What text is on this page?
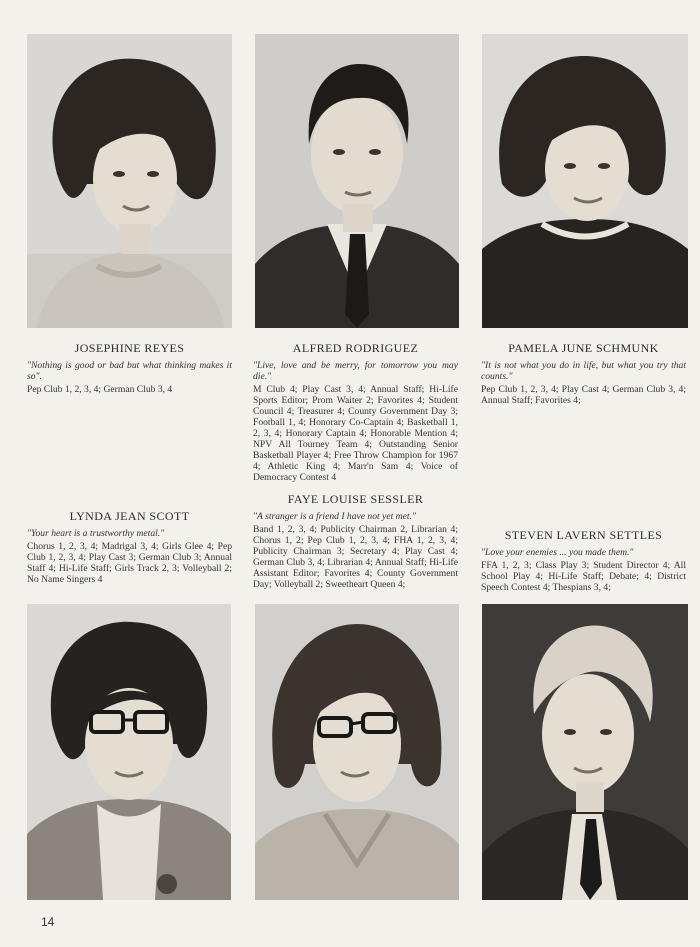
JOSEPHINE REYES
"Nothing is good or bad but what thinking makes it so".
Pep Club 1, 2, 3, 4; German Club 3, 4
ALFRED RODRIGUEZ
"Live, love and be merry, for tomorrow you may die."
M Club 4; Play Cast 3, 4; Annual Staff; Hi-Life Sports Editor; Prom Waiter 2; Favorites 4; Student Council 4; Treasurer 4; County Government Day 3; Football 1, 4; Honorary Co-Captain 4; Basketball 1, 2, 3, 4; Honorary Captain 4; Honorable Mention 4; NPV All Tourney Team 4; Outstanding Senior Basketball Player 4; Free Throw Champion for 1967 4; Athletic King 4; Marr'n Sam 4; Voice of Democracy Contest 4
PAMELA JUNE SCHMUNK
"It is not what you do in life, but what you try that counts."
Pep Club 1, 2, 3, 4; Play Cast 4; German Club 3, 4; Annual Staff; Favorites 4;
LYNDA JEAN SCOTT
"Your heart is a trustworthy metal."
Chorus 1, 2, 3, 4; Madrigal 3, 4; Girls Glee 4; Pep Club 1, 2, 3, 4; Play Cast 3; German Club 3; Annual Staff 4; Hi-Life Staff; Girls Track 2, 3; Volleyball 2; No Name Singers 4
FAYE LOUISE SESSLER
"A stranger is a friend I have not yet met."
Band 1, 2, 3, 4; Publicity Chairman 2, Librarian 4; Chorus 1, 2; Pep Club 1, 2, 3, 4; FHA 1, 2, 3, 4; Publicity Chairman 3; Secretary 4; Play Cast 4; German Club 3, 4; Librarian 4; Annual Staff; Hi-Life Assistant Editor; Favorites 4; County Government Day; Volleyball 2; Sweetheart Queen 4;
STEVEN LAVERN SETTLES
"Love your enemies ... you made them."
FFA 1, 2, 3; Class Play 3; Student Director 4; All School Play 4; Hi-Life Staff; Debate; 4; District Speech Contest 4; Thespians 3, 4;
14
